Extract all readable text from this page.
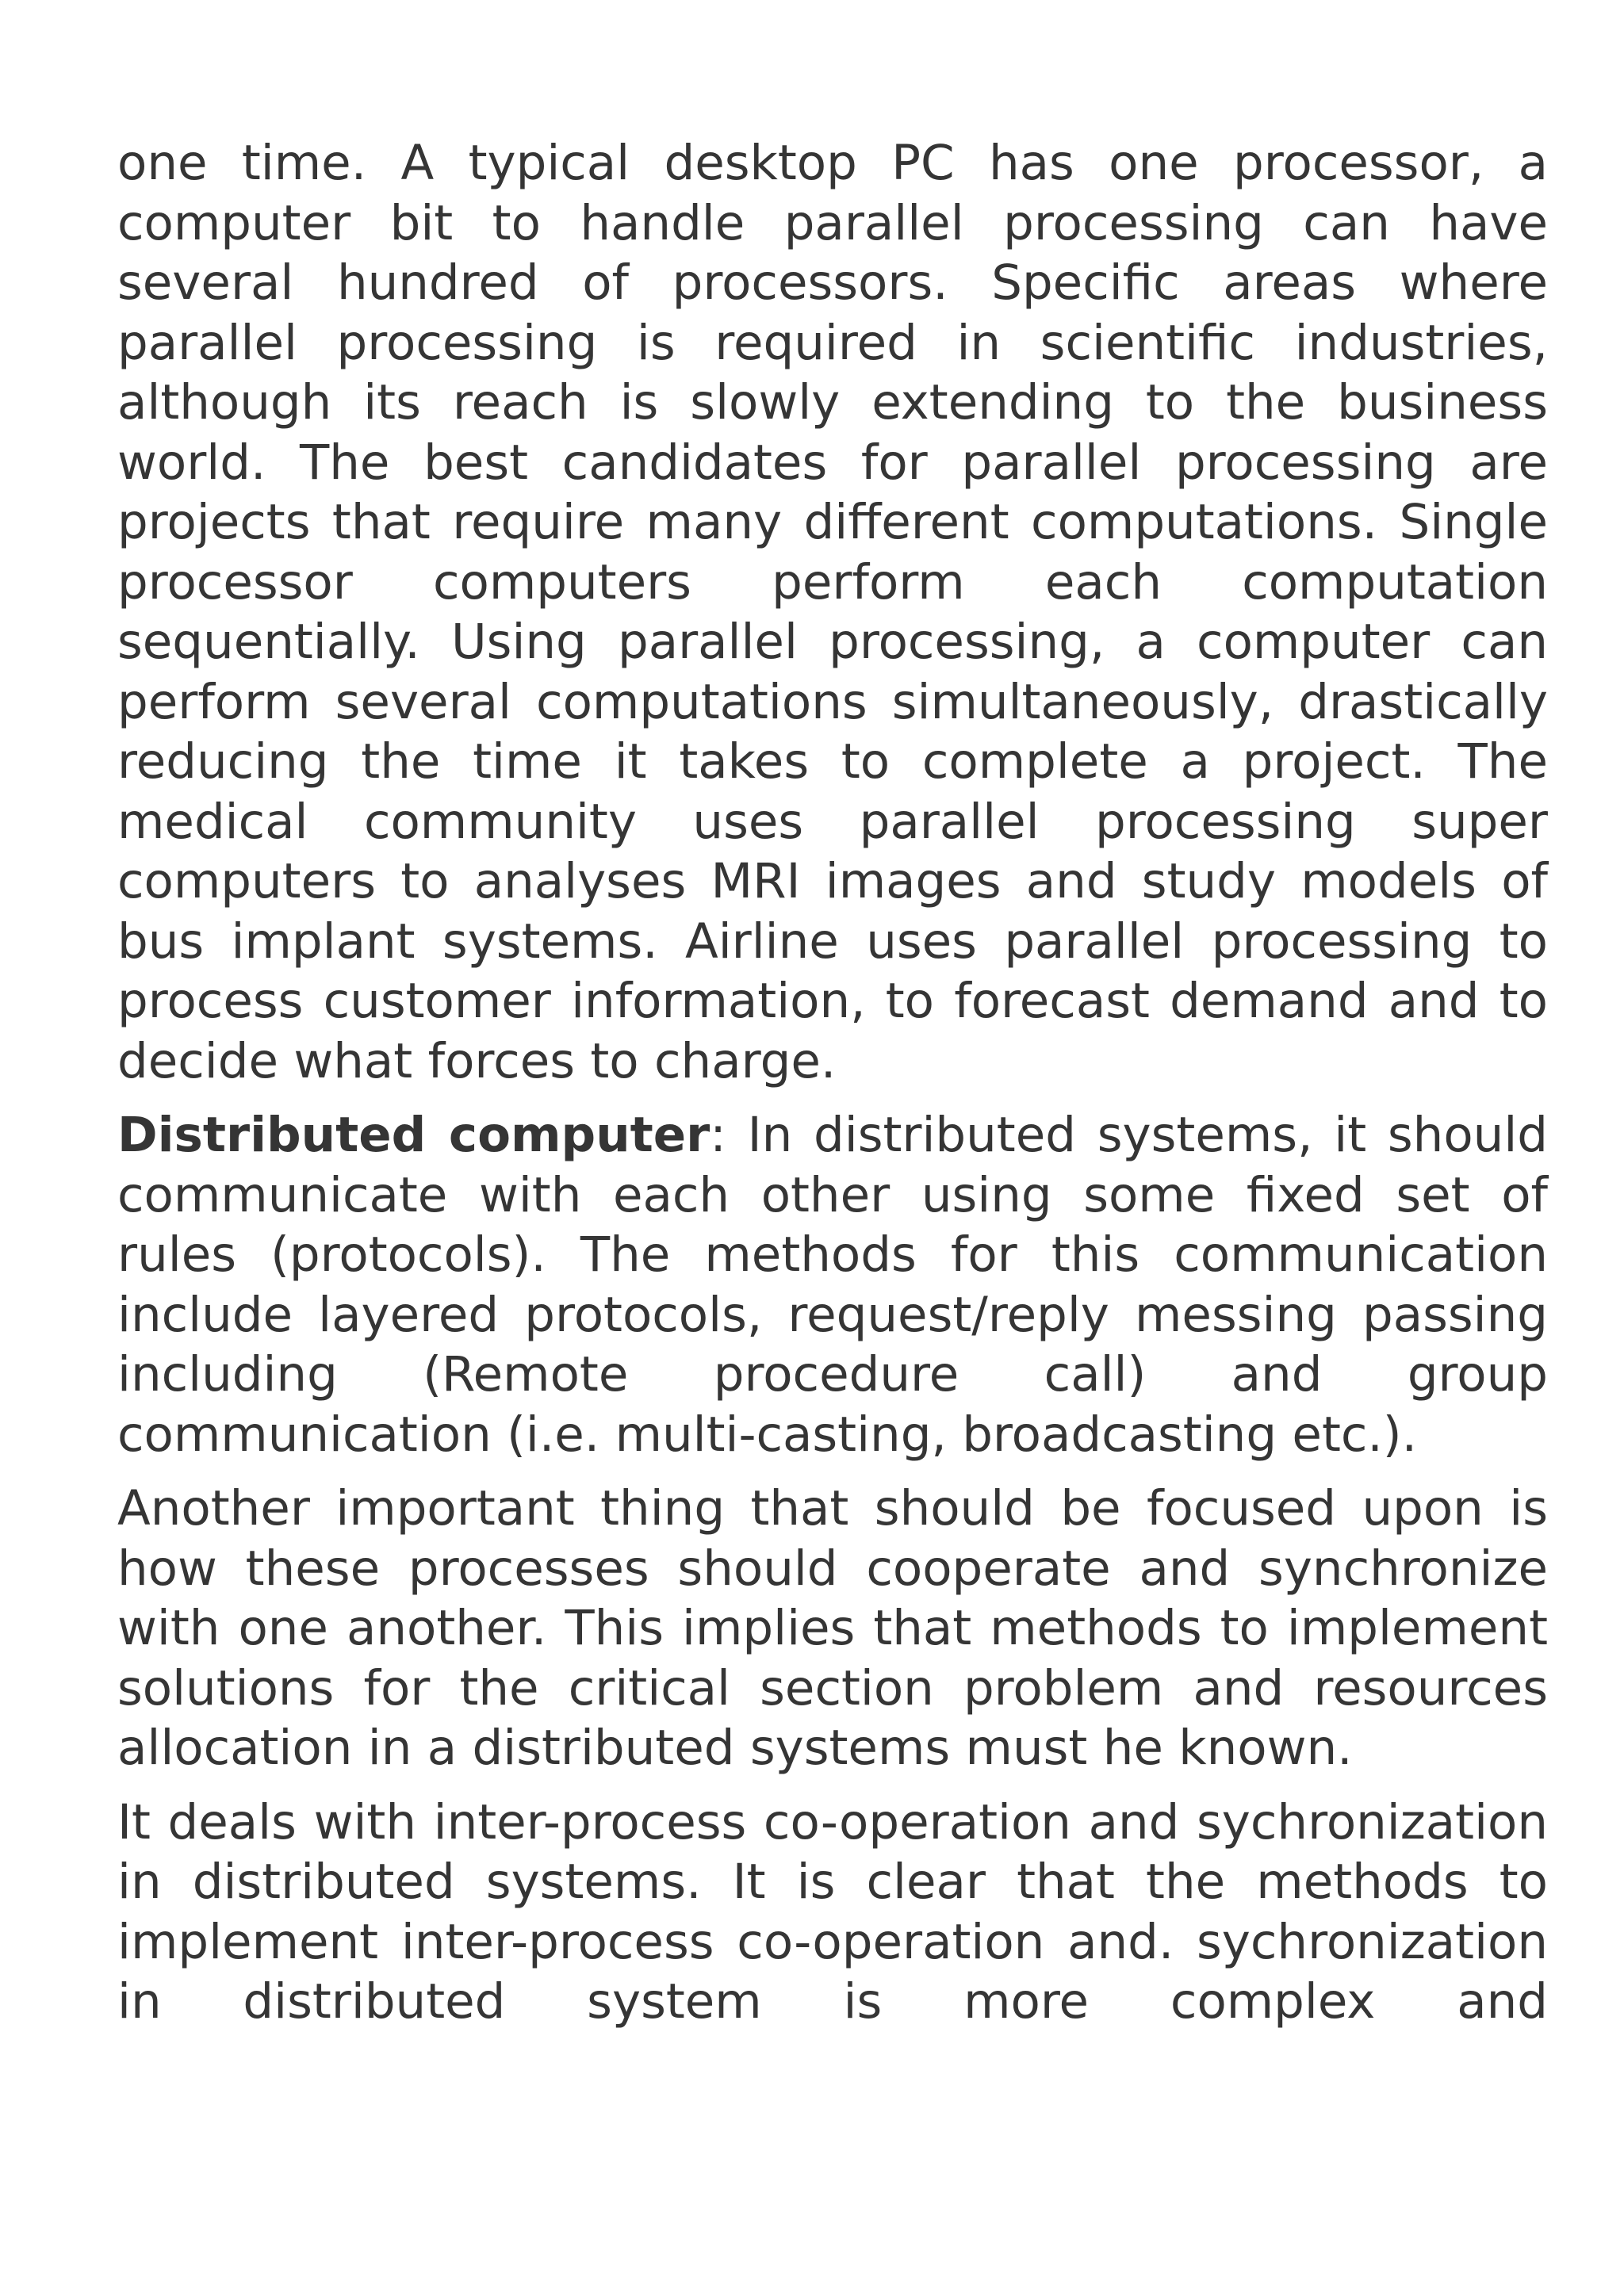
one time. A typical desktop PC has one processor, a computer bit to handle parallel processing can have several hundred of processors. Specific areas where parallel processing is required in scientific industries, although its reach is slowly extending to the business world. The best candidates for parallel processing are projects that require many different computations. Single processor computers perform each computation sequentially. Using parallel processing, a computer can perform several computations simultaneously, drastically reducing the time it takes to complete a project. The medical community uses parallel processing super computers to analyses MRI images and study models of bus implant systems. Airline uses parallel processing to process customer information, to forecast demand and to decide what forces to charge.

Distributed computer: In distributed systems, it should communicate with each other using some fixed set of rules (protocols). The methods for this communication include layered protocols, request/reply messing passing including (Remote procedure call) and group communication (i.e. multi-casting, broadcasting etc.).

Another important thing that should be focused upon is how these processes should cooperate and synchronize with one another. This implies that methods to implement solutions for the critical section problem and resources allocation in a distributed systems must he known.

It deals with inter-process co-operation and sychronization in distributed systems. It is clear that the methods to implement inter-process co-operation and. sychronization in distributed system is more complex and
